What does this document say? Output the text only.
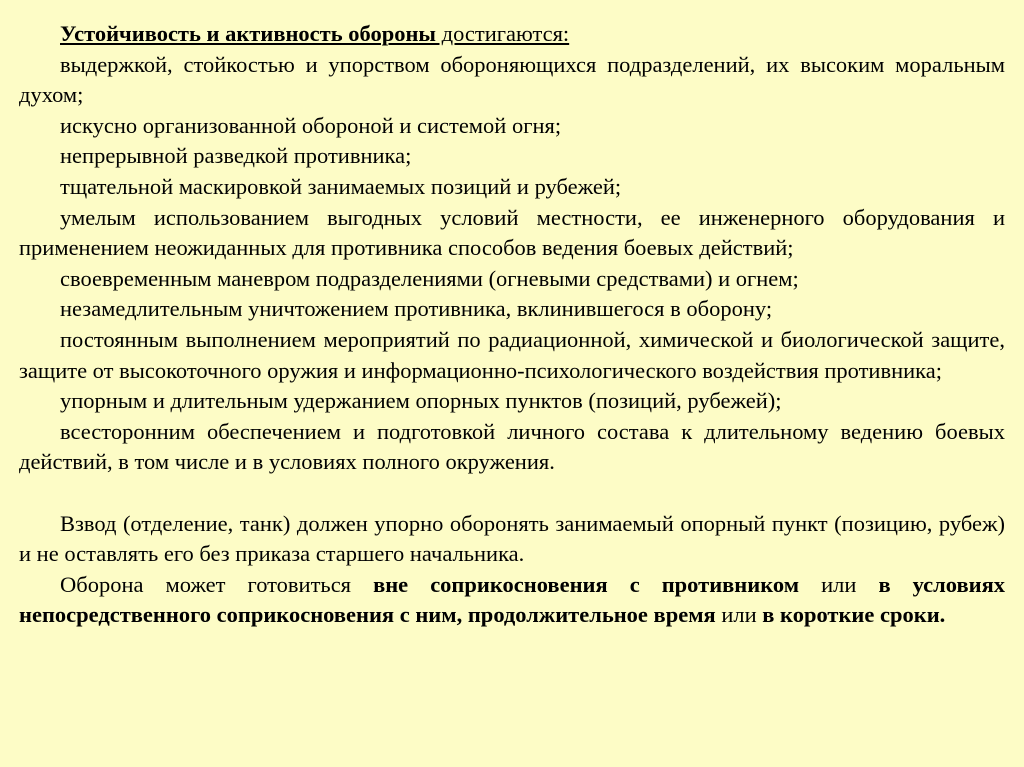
Устойчивость и активность обороны достигаются:

выдержкой, стойкостью и упорством обороняющихся подразделений, их высоким моральным духом;

искусно организованной обороной и системой огня;

непрерывной разведкой противника;

тщательной маскировкой занимаемых позиций и рубежей;

умелым использованием выгодных условий местности, ее инженерного оборудования и применением неожиданных для противника способов ведения боевых действий;

своевременным маневром подразделениями (огневыми средствами) и огнем;

незамедлительным уничтожением противника, вклинившегося в оборону;

постоянным выполнением мероприятий по радиационной, химической и биологической защите, защите от высокоточного оружия и информационно-психологического воздействия противника;

упорным и длительным удержанием опорных пунктов (позиций, рубежей);

всесторонним обеспечением и подготовкой личного состава к длительному ведению боевых действий, в том числе и в условиях полного окружения.

Взвод (отделение, танк) должен упорно оборонять занимаемый опорный пункт (позицию, рубеж) и не оставлять его без приказа старшего начальника.

Оборона может готовиться вне соприкосновения с противником или в условиях непосредственного соприкосновения с ним, продолжительное время или в короткие сроки.
